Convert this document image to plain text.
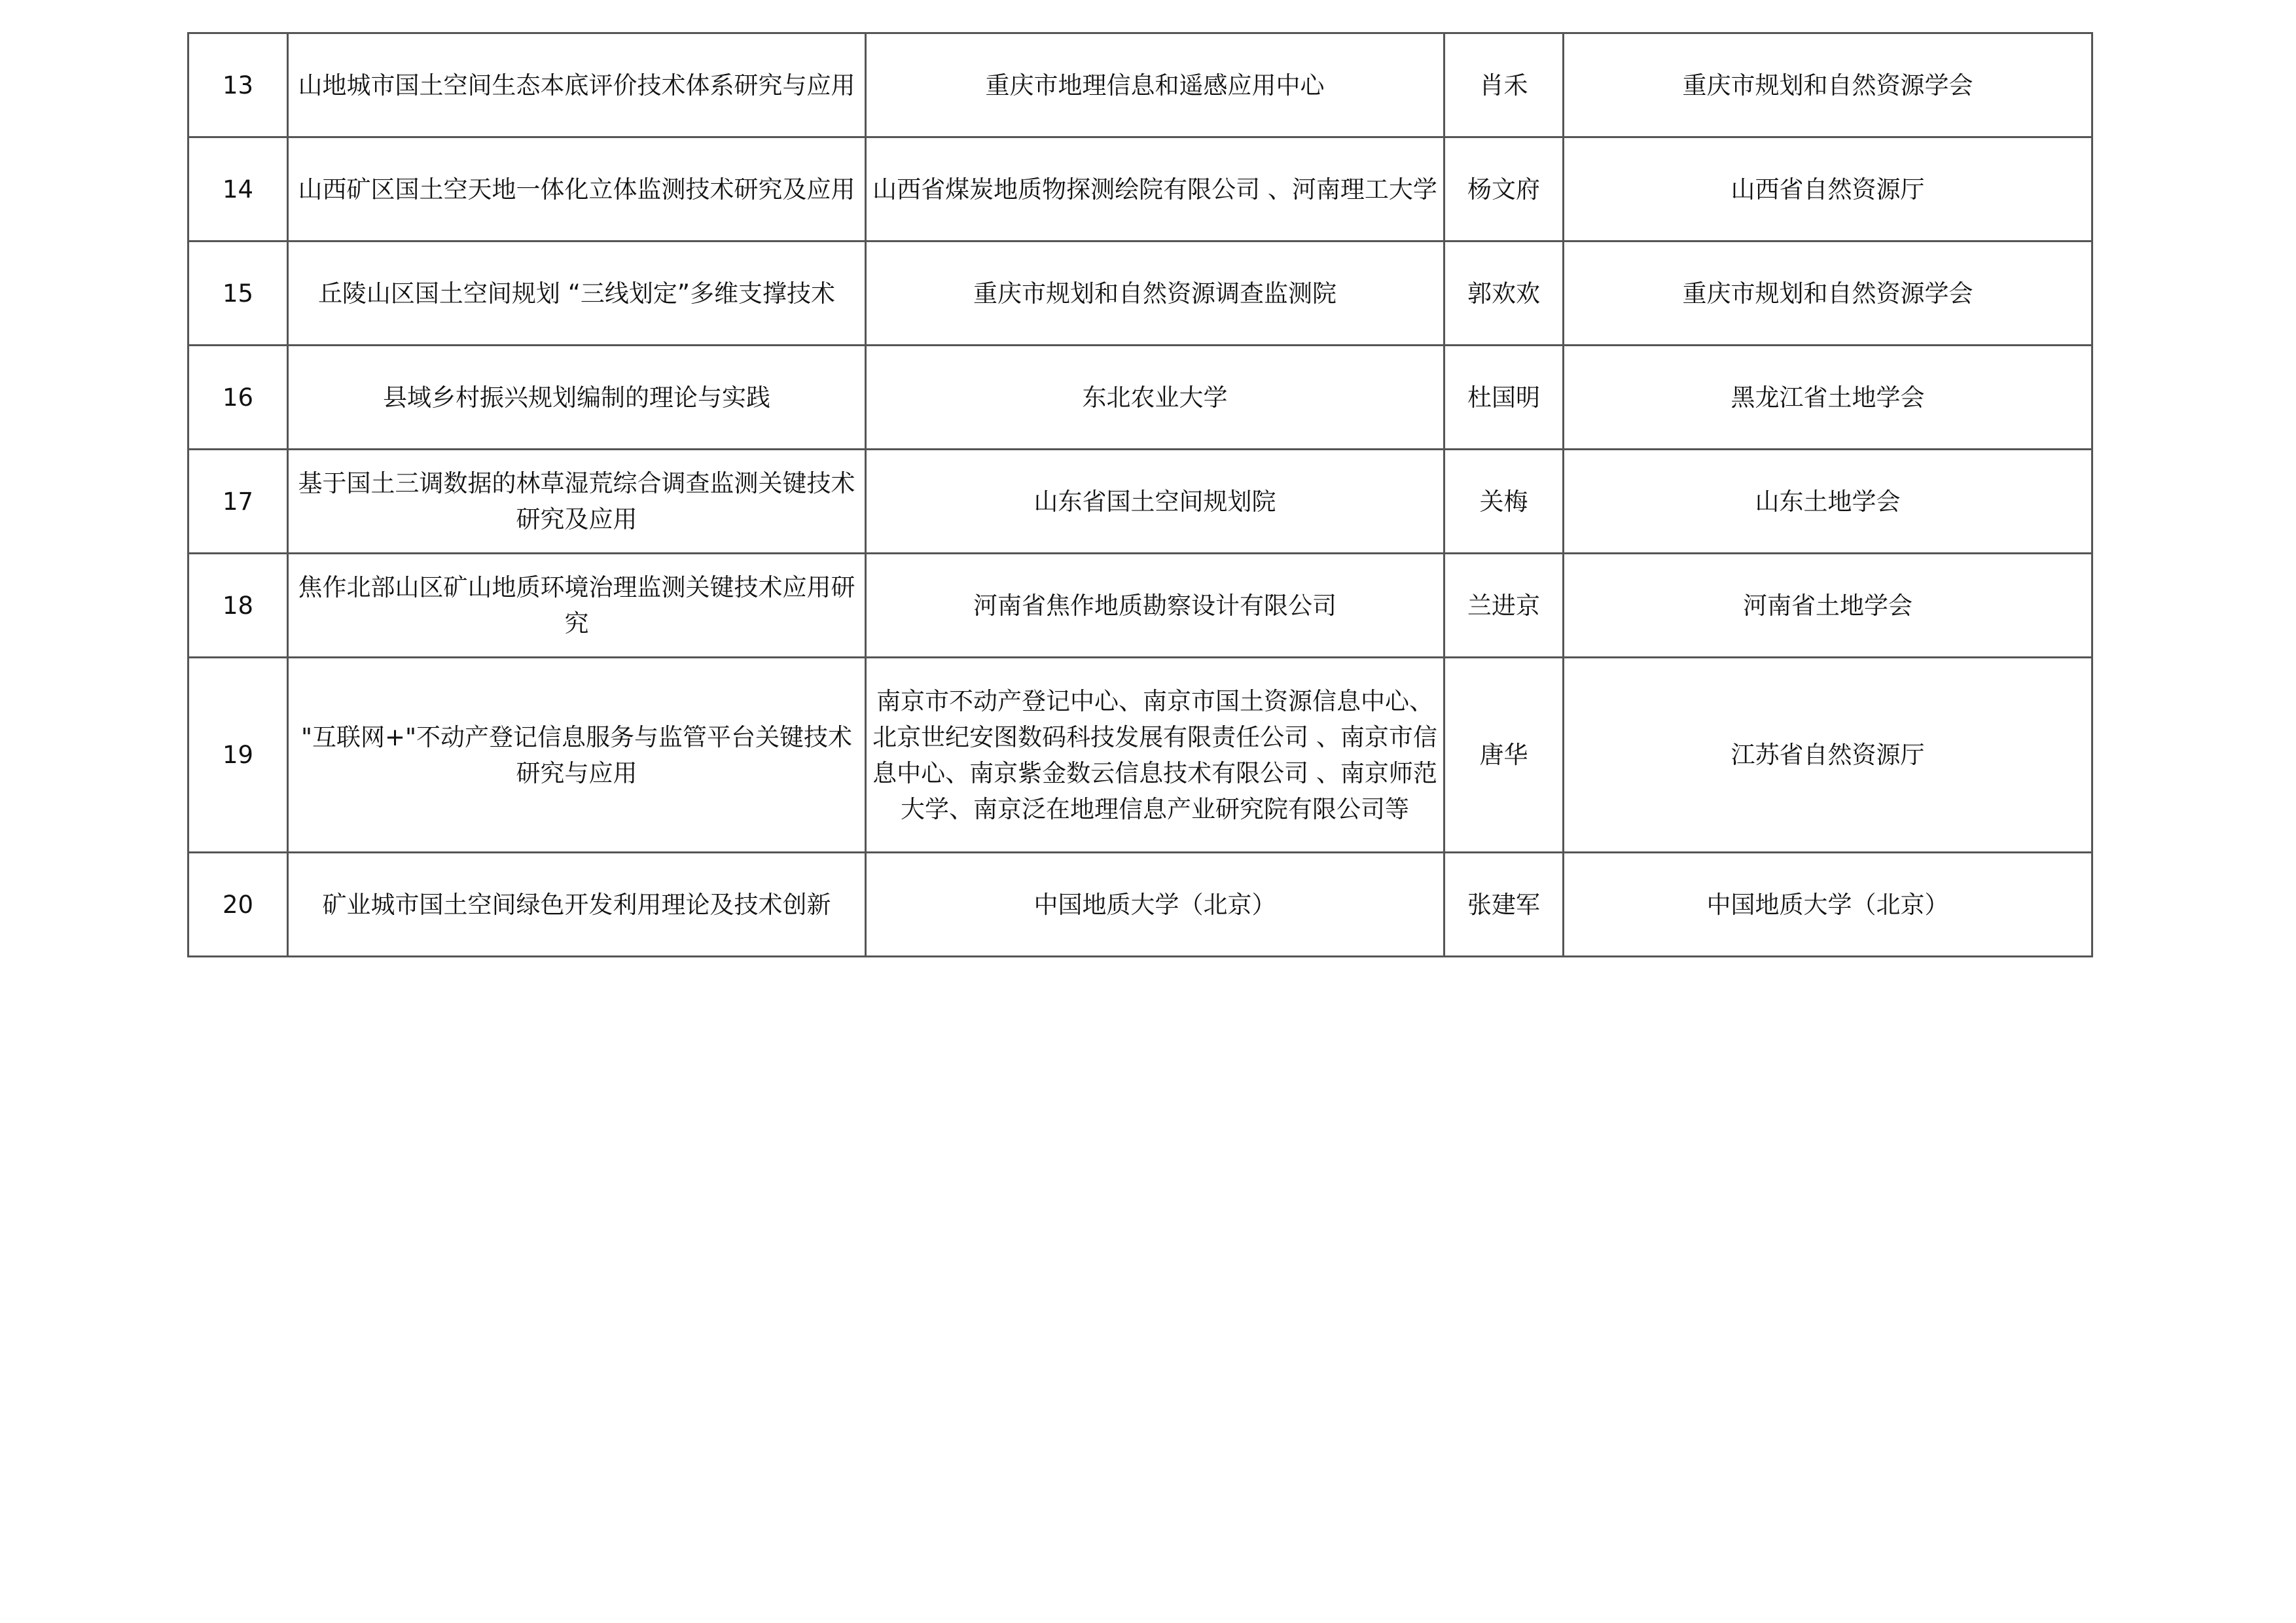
13	山地城市国土空间生态本底评价技术体系研究与应用	重庆市地理信息和遥感应用中心	肖禾	重庆市规划和自然资源学会
14	山西矿区国土空天地一体化立体监测技术研究及应用	山西省煤炭地质物探测绘院有限公司 、河南理工大学	杨文府	山西省自然资源厅
15	丘陵山区国土空间规划 “三线划定”多维支撑技术	重庆市规划和自然资源调查监测院	郭欢欢	重庆市规划和自然资源学会
16	县域乡村振兴规划编制的理论与实践	东北农业大学	杜国明	黑龙江省土地学会
17	基于国土三调数据的林草湿荒综合调查监测关键技术研究及应用	山东省国土空间规划院	关梅	山东土地学会
18	焦作北部山区矿山地质环境治理监测关键技术应用研究	河南省焦作地质勘察设计有限公司	兰进京	河南省土地学会
19	"互联网+"不动产登记信息服务与监管平台关键技术研究与应用	南京市不动产登记中心、南京市国土资源信息中心、北京世纪安图数码科技发展有限责任公司 、南京市信息中心、南京紫金数云信息技术有限公司 、南京师范大学、南京泛在地理信息产业研究院有限公司等	唐华	江苏省自然资源厅
20	矿业城市国土空间绿色开发利用理论及技术创新	中国地质大学（北京）	张建军	中国地质大学（北京）
